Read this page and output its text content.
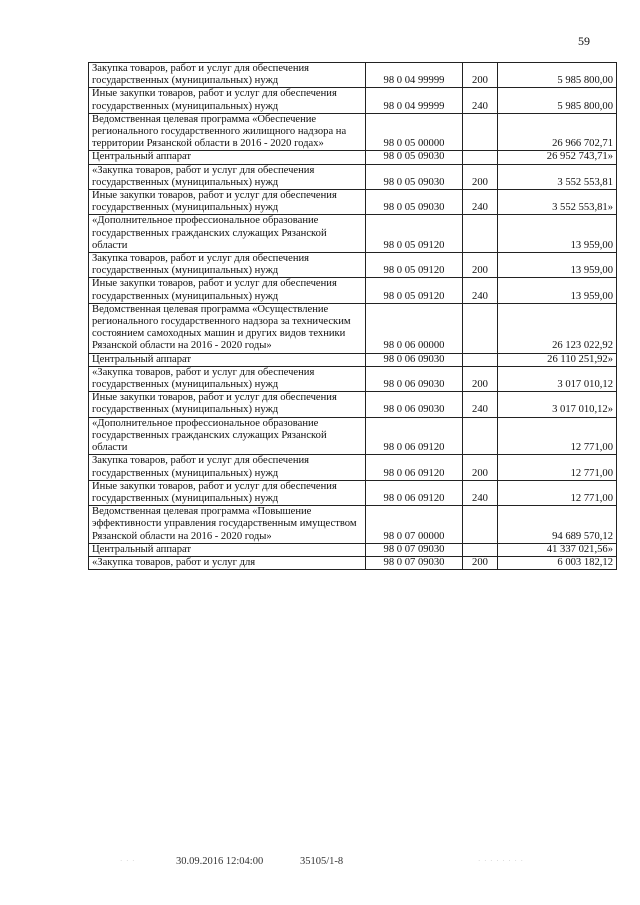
59
Закупка товаров, работ и услуг для обеспечения государственных (муниципальных) нужд	98 0 04 99999	200	5 985 800,00
Иные закупки товаров, работ и услуг для обеспечения государственных (муниципальных) нужд	98 0 04 99999	240	5 985 800,00
Ведомственная целевая программа «Обеспечение регионального государственного жилищного надзора на территории Рязанской области в 2016 - 2020 годах»	98 0 05 00000		26 966 702,71
Центральный аппарат	98 0 05 09030		26 952 743,71»
«Закупка товаров, работ и услуг для обеспечения государственных (муниципальных) нужд	98 0 05 09030	200	3 552 553,81
Иные закупки товаров, работ и услуг для обеспечения государственных (муниципальных) нужд	98 0 05 09030	240	3 552 553,81»
«Дополнительное профессиональное образование государственных гражданских служащих Рязанской области	98 0 05 09120		13 959,00
Закупка товаров, работ и услуг для обеспечения государственных (муниципальных) нужд	98 0 05 09120	200	13 959,00
Иные закупки товаров, работ и услуг для обеспечения государственных (муниципальных) нужд	98 0 05 09120	240	13 959,00
Ведомственная целевая программа «Осуществление регионального государственного надзора за техническим состоянием самоходных машин и других видов техники Рязанской области на 2016 - 2020 годы»	98 0 06 00000		26 123 022,92
Центральный аппарат	98 0 06 09030		26 110 251,92»
«Закупка товаров, работ и услуг для обеспечения государственных (муниципальных) нужд	98 0 06 09030	200	3 017 010,12
Иные закупки товаров, работ и услуг для обеспечения государственных (муниципальных) нужд	98 0 06 09030	240	3 017 010,12»
«Дополнительное профессиональное образование государственных гражданских служащих Рязанской области	98 0 06 09120		12 771,00
Закупка товаров, работ и услуг для обеспечения государственных (муниципальных) нужд	98 0 06 09120	200	12 771,00
Иные закупки товаров, работ и услуг для обеспечения государственных (муниципальных) нужд	98 0 06 09120	240	12 771,00
Ведомственная целевая программа «Повышение эффективности управления государственным имуществом Рязанской области на 2016 - 2020 годы»	98 0 07 00000		94 689 570,12
Центральный аппарат	98 0 07 09030		41 337 021,56»
«Закупка товаров, работ и услуг для	98 0 07 09030	200	6 003 182,12
· · ·	30.09.2016 12:04:00	35105/1-8	· · · · · · · ·
